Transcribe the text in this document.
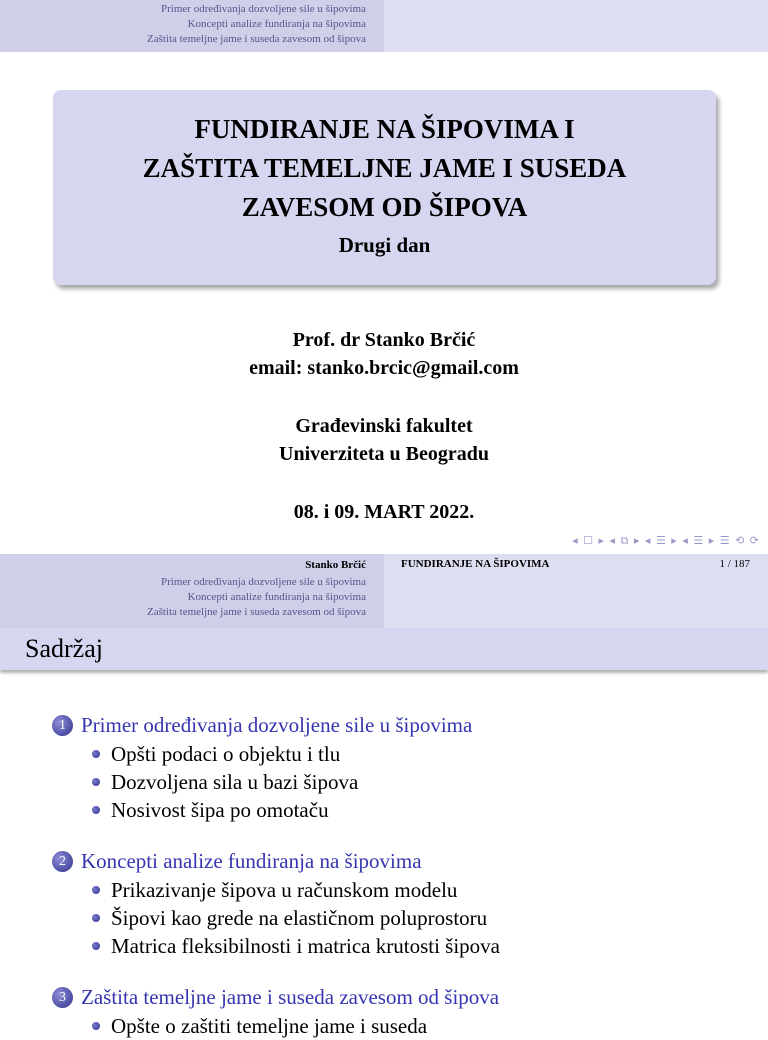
Primer određivanja dozvoljene sile u šipovima
Koncepti analize fundiranja na šipovima
Zaštita temeljne jame i suseda zavesom od šipova
FUNDIRANJE NA ŠIPOVIMA I
ZAŠTITA TEMELJNE JAME I SUSEDA
ZAVESOM OD ŠIPOVA
Drugi dan
Prof. dr Stanko Brčić
email: stanko.brcic@gmail.com
Građevinski fakultet
Univerziteta u Beogradu
08. i 09. MART 2022.
◂ ☐ ▸ ◂ ⧉ ▸ ◂ ☰ ▸ ◂ ☰ ▸ ☰ ⟲ ⟳
Stanko Brčić
Primer određivanja dozvoljene sile u šipovima
Koncepti analize fundiranja na šipovima
Zaštita temeljne jame i suseda zavesom od šipova
FUNDIRANJE NA ŠIPOVIMA	1 / 187
Sadržaj
1 Primer određivanja dozvoljene sile u šipovima
Opšti podaci o objektu i tlu
Dozvoljena sila u bazi šipova
Nosivost šipa po omotaču
2 Koncepti analize fundiranja na šipovima
Prikazivanje šipova u računskom modelu
Šipovi kao grede na elastičnom poluprostoru
Matrica fleksibilnosti i matrica krutosti šipova
3 Zaštita temeljne jame i suseda zavesom od šipova
Opšte o zaštiti temeljne jame i suseda
